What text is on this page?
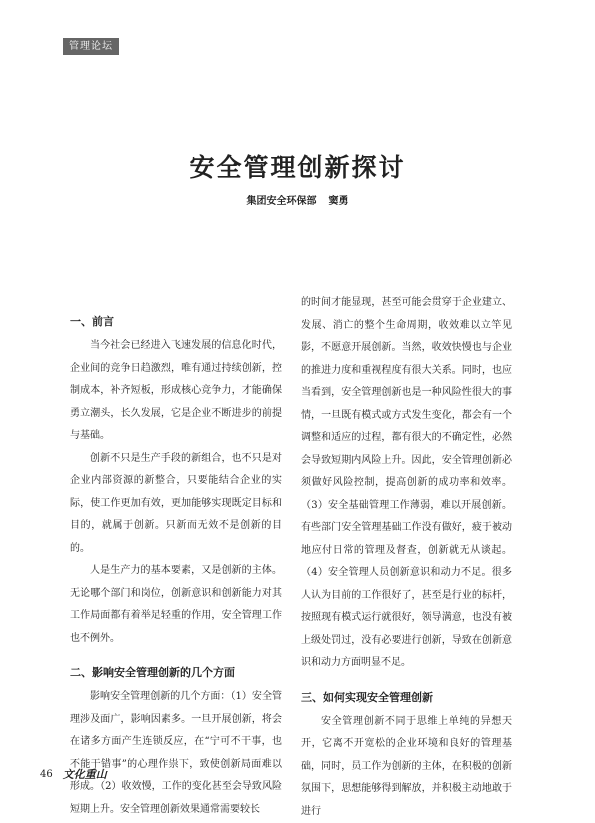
管理论坛
安全管理创新探讨
集团安全环保部 窦勇
一、前言

当今社会已经进入飞速发展的信息化时代，企业间的竞争日趋激烈，唯有通过持续创新，控制成本，补齐短板，形成核心竞争力，才能确保勇立潮头，长久发展，它是企业不断进步的前提与基础。

创新不只是生产手段的新组合，也不只是对企业内部资源的新整合，只要能结合企业的实际，使工作更加有效，更加能够实现既定目标和目的，就属于创新。只新而无效不是创新的目的。

人是生产力的基本要素，又是创新的主体。无论哪个部门和岗位，创新意识和创新能力对其工作局面都有着举足轻重的作用，安全管理工作也不例外。

二、影响安全管理创新的几个方面

影响安全管理创新的几个方面：（1）安全管理涉及面广，影响因素多。一旦开展创新，将会在诸多方面产生连锁反应，在“宁可不干事，也不能干错事”的心理作祟下，致使创新局面难以形成。（2）收效慢，工作的变化甚至会导致风险短期上升。安全管理创新效果通常需要较长

的时间才能显现，甚至可能会贯穿于企业建立、发展、消亡的整个生命周期，收效难以立竿见影，不愿意开展创新。当然，收效快慢也与企业的推进力度和重视程度有很大关系。同时，也应当看到，安全管理创新也是一种风险性很大的事情，一旦既有模式或方式发生变化，都会有一个调整和适应的过程，都有很大的不确定性，必然会导致短期内风险上升。因此，安全管理创新必须做好风险控制，提高创新的成功率和效率。（3）安全基础管理工作薄弱，难以开展创新。有些部门安全管理基础工作没有做好，疲于被动地应付日常的管理及督查，创新就无从谈起。（4）安全管理人员创新意识和动力不足。很多人认为目前的工作很好了，甚至是行业的标杆，按照现有模式运行就很好，领导满意，也没有被上级处罚过，没有必要进行创新，导致在创新意识和动力方面明显不足。

三、如何实现安全管理创新

安全管理创新不同于思维上单纯的异想天开，它离不开宽松的企业环境和良好的管理基础，同时，员工作为创新的主体，在积极的创新氛围下，思想能够得到解放，并积极主动地敢于进行

46 文化重山
